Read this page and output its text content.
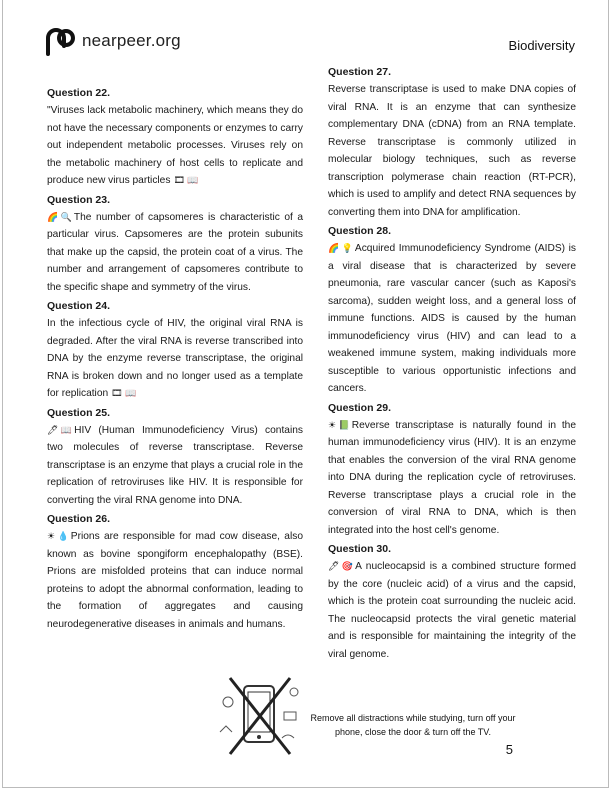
nearpeer.org	Biodiversity

Question 22.

"Viruses lack metabolic machinery, which means they do not have the necessary components or enzymes to carry out independent metabolic processes. Viruses rely on the metabolic machinery of host cells to replicate and produce new virus particles 🎞 📖

Question 23.

🌈 🔍 The number of capsomeres is characteristic of a particular virus. Capsomeres are the protein subunits that make up the capsid, the protein coat of a virus. The number and arrangement of capsomeres contribute to the specific shape and symmetry of the virus.

Question 24.

In the infectious cycle of HIV, the original viral RNA is degraded. After the viral RNA is reverse transcribed into DNA by the enzyme reverse transcriptase, the original RNA is broken down and no longer used as a template for replication 🎞 📖

Question 25.

🖊 📖 HIV (Human Immunodeficiency Virus) contains two molecules of reverse transcriptase. Reverse transcriptase is an enzyme that plays a crucial role in the replication of retroviruses like HIV. It is responsible for converting the viral RNA genome into DNA.

Question 26.

☀ 💧 Prions are responsible for mad cow disease, also known as bovine spongiform encephalopathy (BSE). Prions are misfolded proteins that can induce normal proteins to adopt the abnormal conformation, leading to the formation of aggregates and causing neurodegenerative diseases in animals and humans.

Question 27.

Reverse transcriptase is used to make DNA copies of viral RNA. It is an enzyme that can synthesize complementary DNA (cDNA) from an RNA template. Reverse transcriptase is commonly utilized in molecular biology techniques, such as reverse transcription polymerase chain reaction (RT-PCR), which is used to amplify and detect RNA sequences by converting them into DNA for amplification.

Question 28.

🌈 💡 Acquired Immunodeficiency Syndrome (AIDS) is a viral disease that is characterized by severe pneumonia, rare vascular cancer (such as Kaposi's sarcoma), sudden weight loss, and a general loss of immune functions. AIDS is caused by the human immunodeficiency virus (HIV) and can lead to a weakened immune system, making individuals more susceptible to various opportunistic infections and cancers.

Question 29.

☀ 📗 Reverse transcriptase is naturally found in the human immunodeficiency virus (HIV). It is an enzyme that enables the conversion of the viral RNA genome into DNA during the replication cycle of retroviruses. Reverse transcriptase plays a crucial role in the conversion of viral RNA to DNA, which is then integrated into the host cell's genome.

Question 30.

🖊 🎯 A nucleocapsid is a combined structure formed by the core (nucleic acid) of a virus and the capsid, which is the protein coat surrounding the nucleic acid. The nucleocapsid protects the viral genetic material and is responsible for maintaining the integrity of the viral genome.

Remove all distractions while studying, turn off your phone, close the door & turn off the TV.
5
